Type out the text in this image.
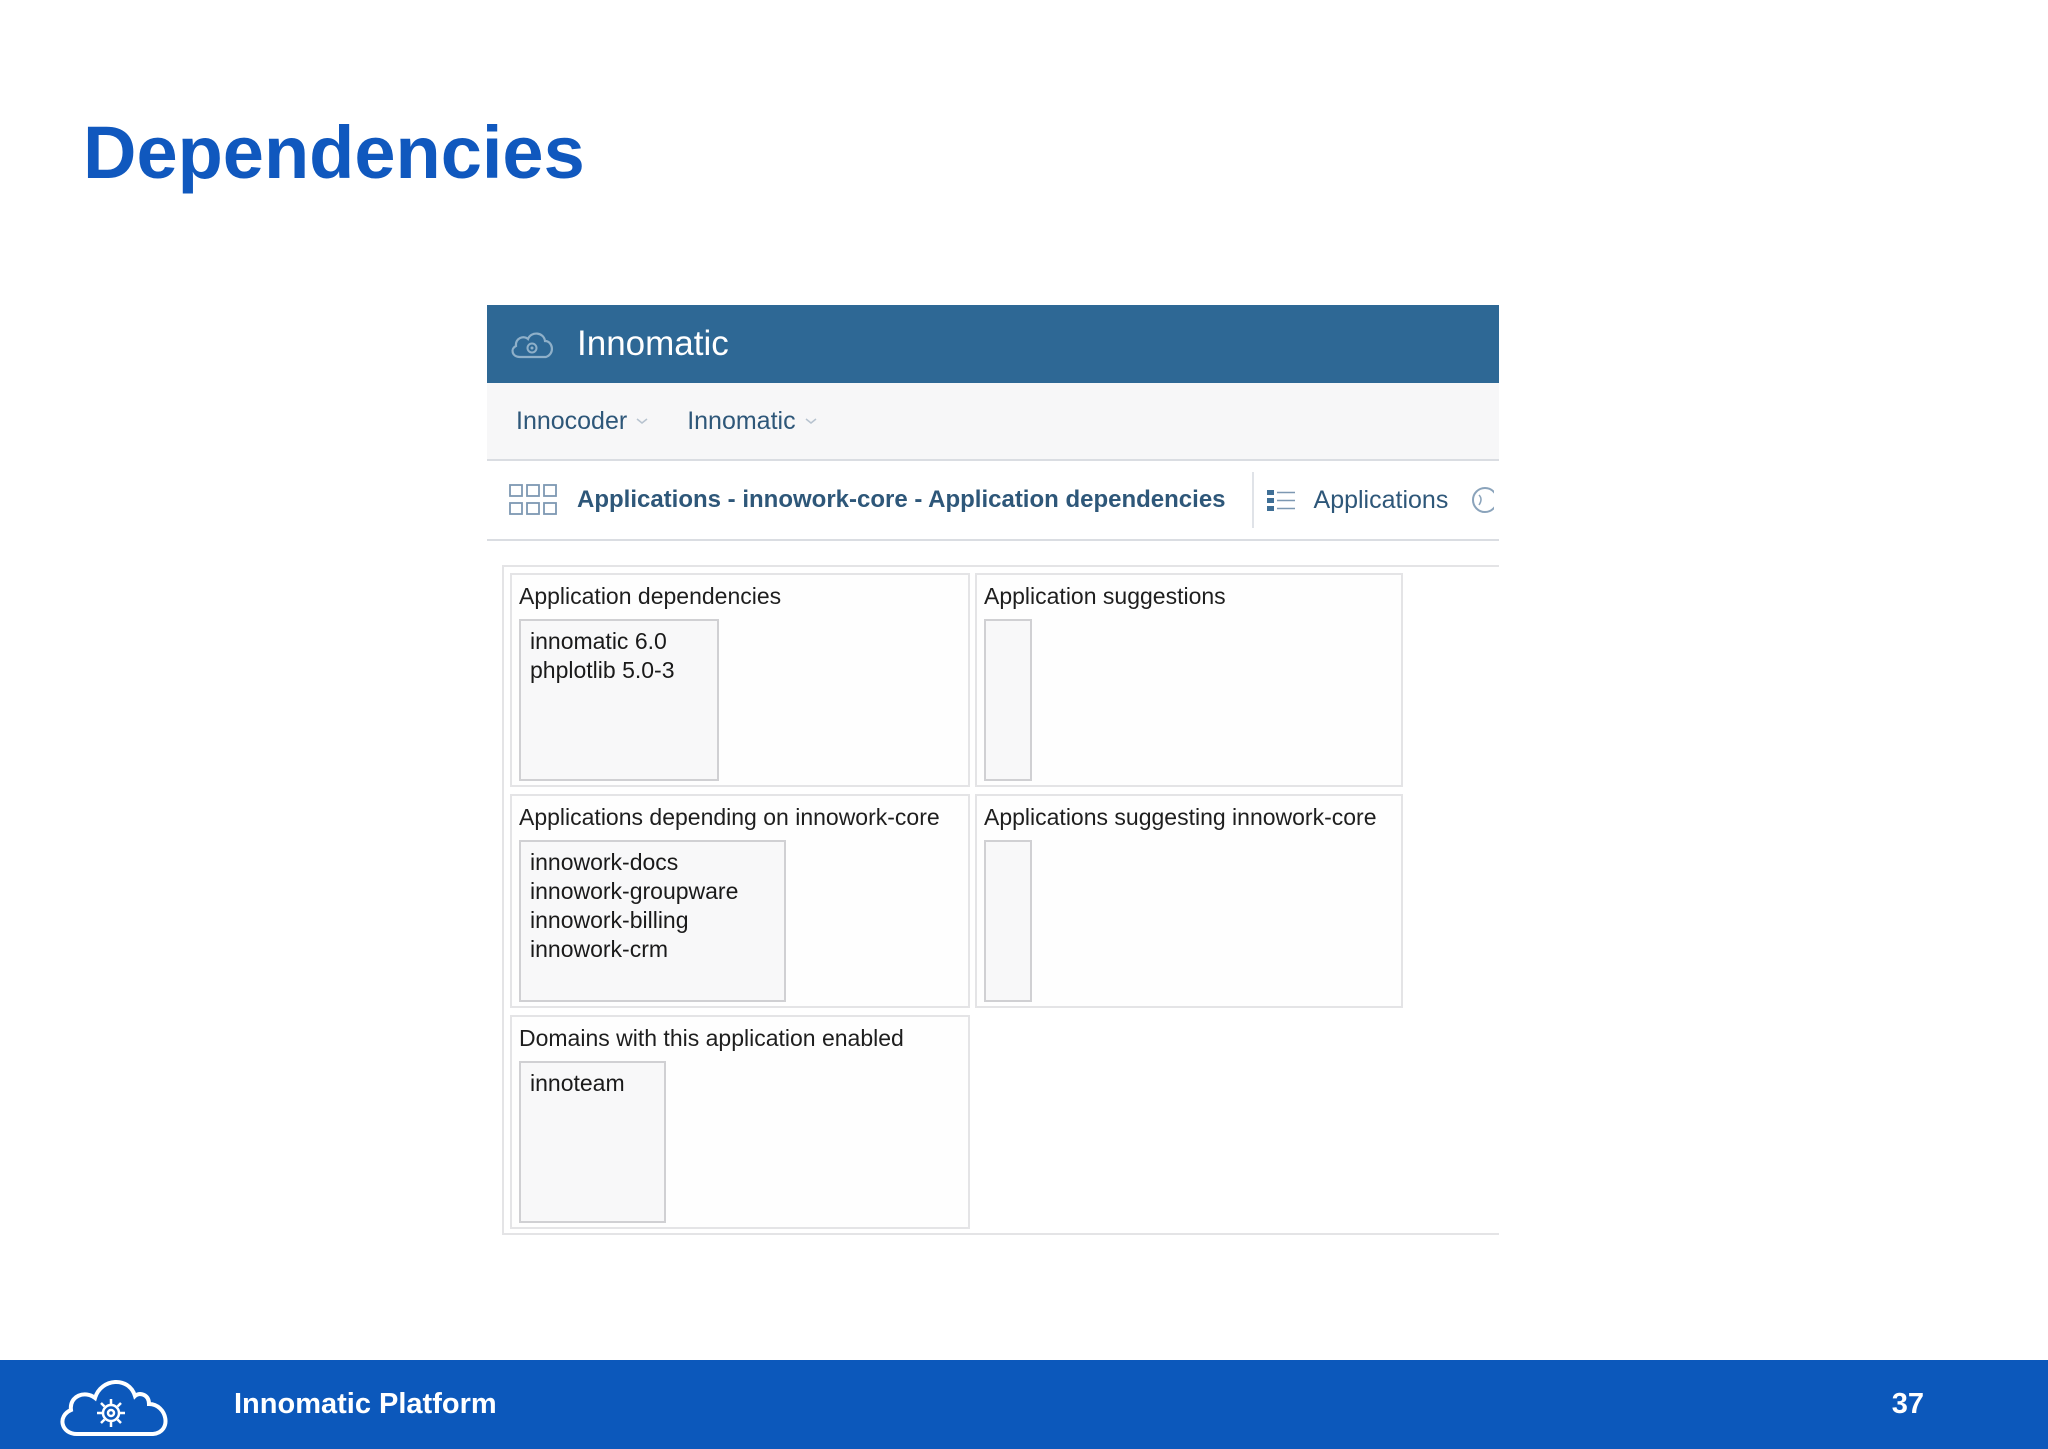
Dependencies
Innomatic
Innocoder Innomatic
Applications - innowork-core - Application dependencies	Applications
Application dependencies
innomatic 6.0
phplotlib 5.0-3
Application suggestions
Applications depending on innowork-core
innowork-docs
innowork-groupware
innowork-billing
innowork-crm
Applications suggesting innowork-core
Domains with this application enabled
innoteam
Innomatic Platform	37
